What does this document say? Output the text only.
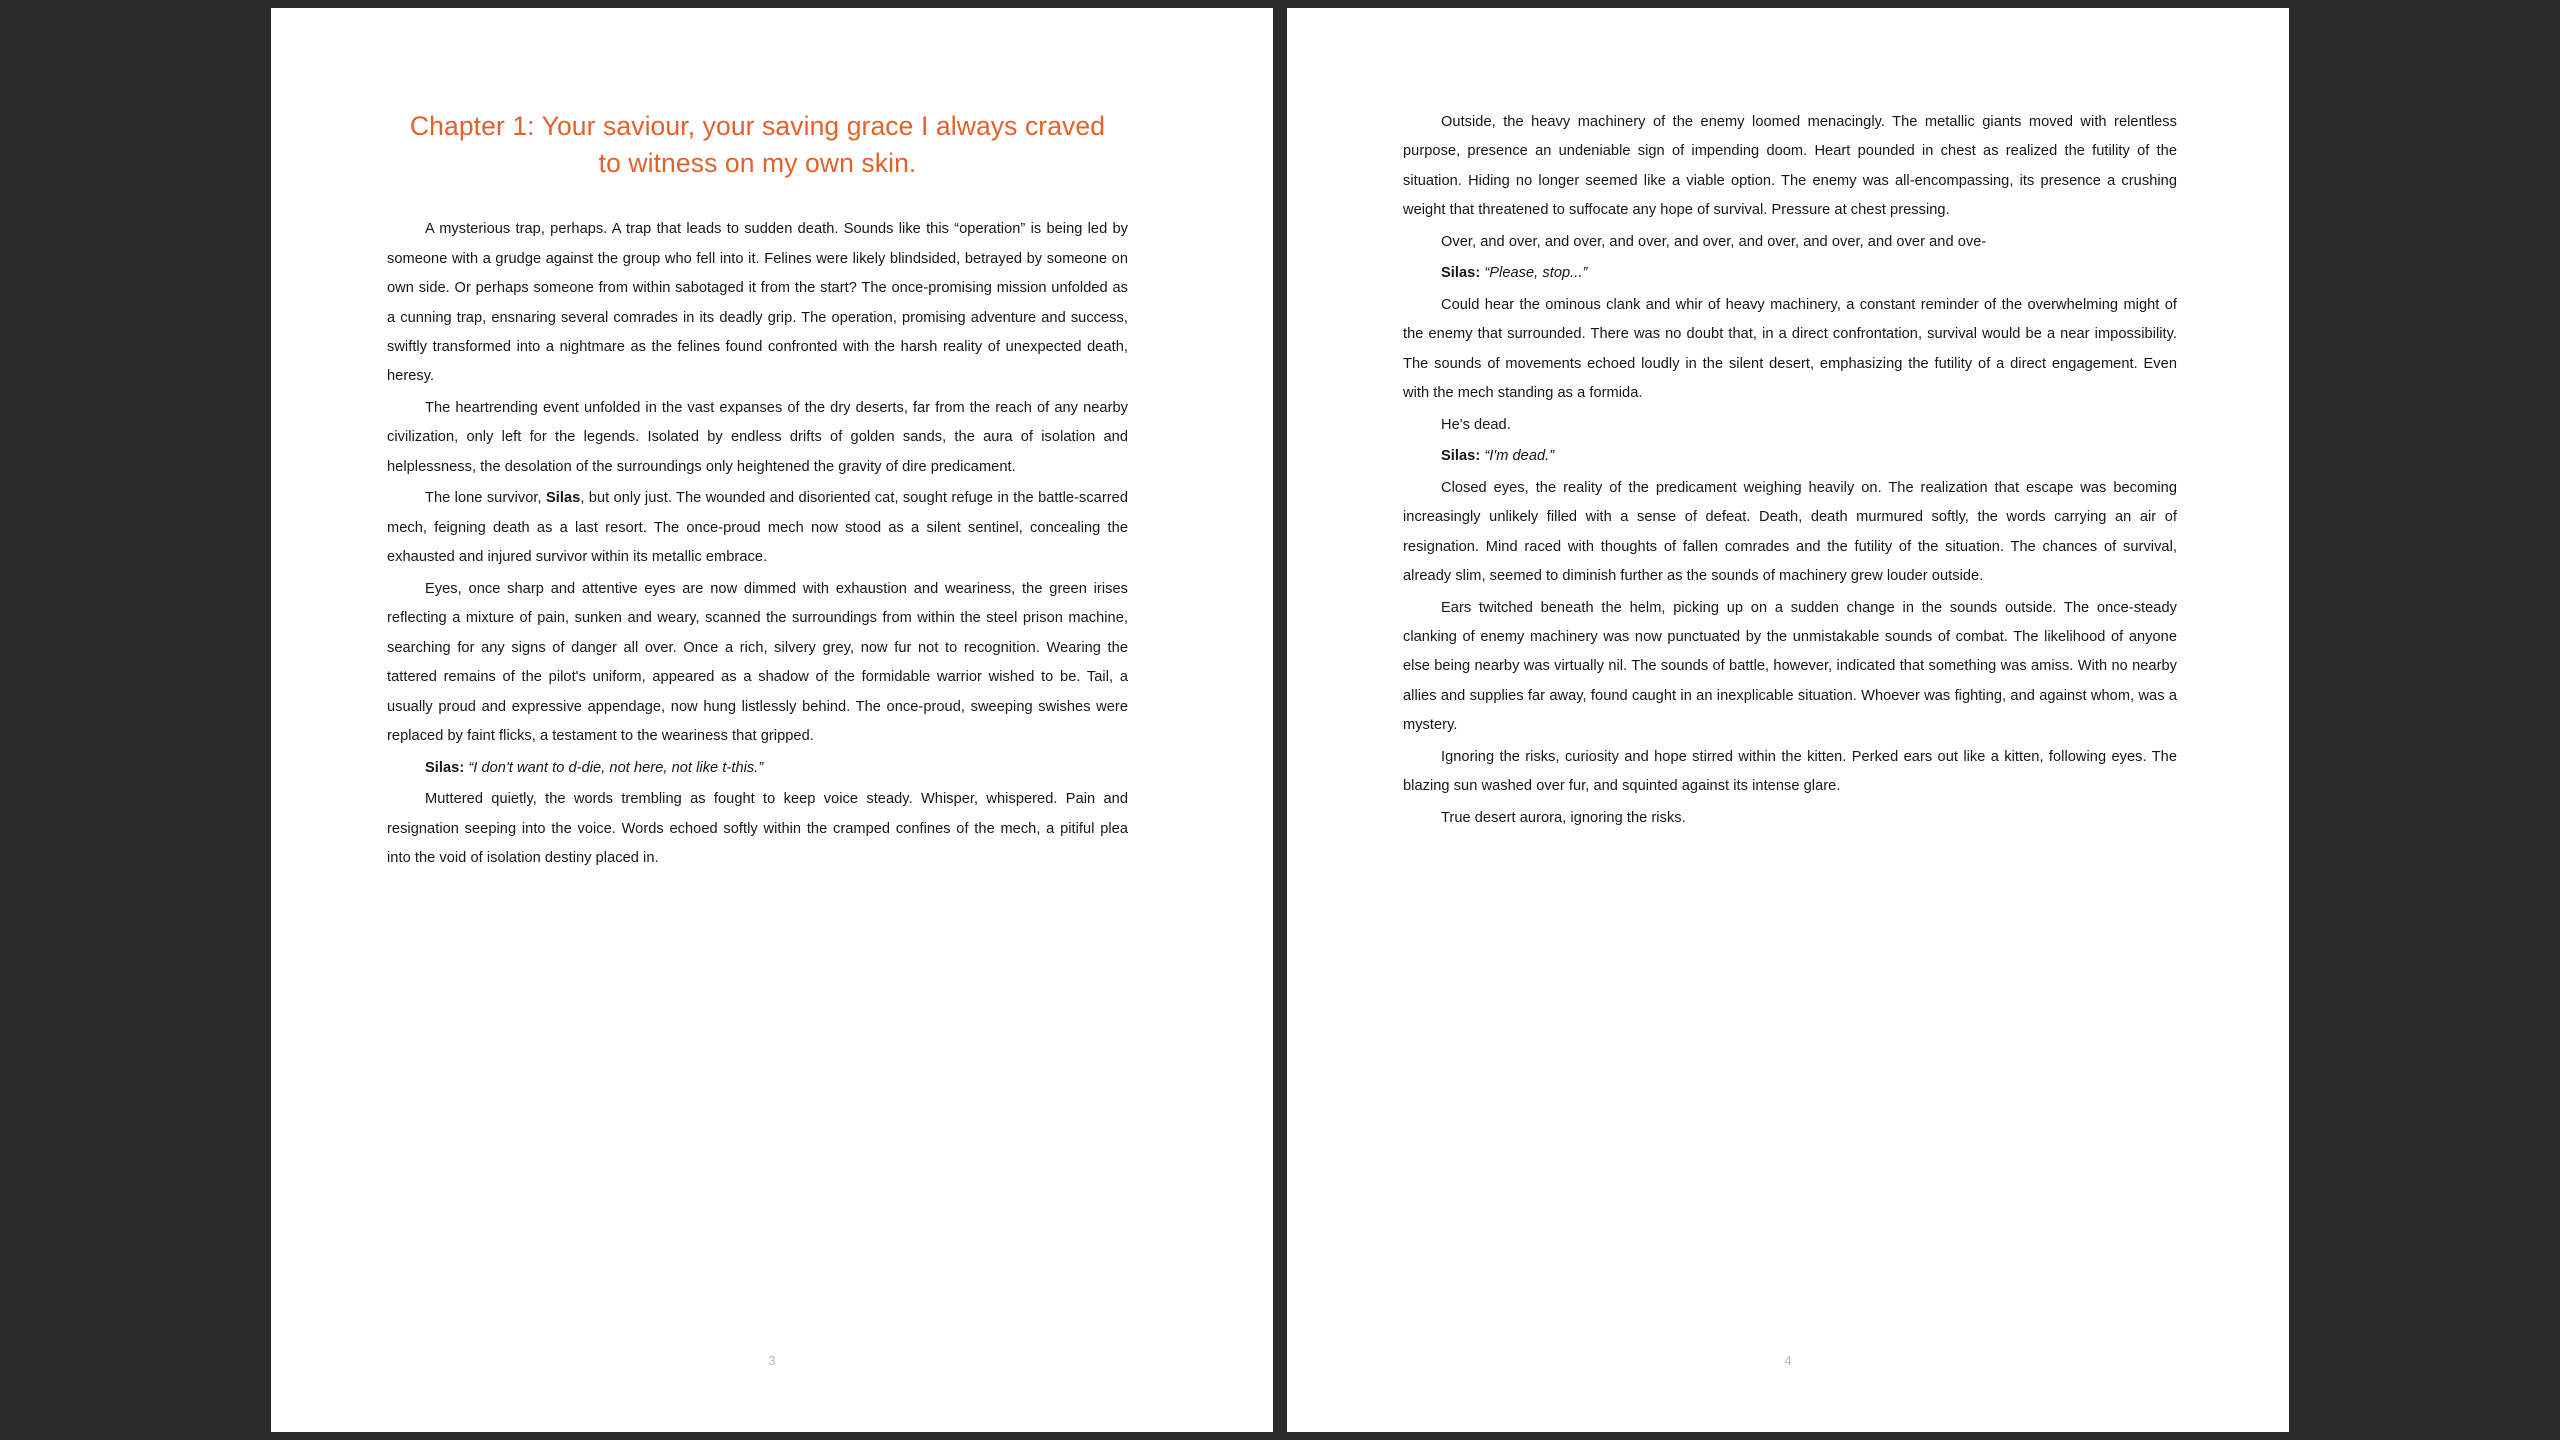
Chapter 1: Your saviour, your saving grace I always craved to witness on my own skin.

A mysterious trap, perhaps. A trap that leads to sudden death. Sounds like this “operation” is being led by someone with a grudge against the group who fell into it. Felines were likely blindsided, betrayed by someone on own side. Or perhaps someone from within sabotaged it from the start? The once-promising mission unfolded as a cunning trap, ensnaring several comrades in its deadly grip. The operation, promising adventure and success, swiftly transformed into a nightmare as the felines found confronted with the harsh reality of unexpected death, heresy.

The heartrending event unfolded in the vast expanses of the dry deserts, far from the reach of any nearby civilization, only left for the legends. Isolated by endless drifts of golden sands, the aura of isolation and helplessness, the desolation of the surroundings only heightened the gravity of dire predicament.

The lone survivor, Silas, but only just. The wounded and disoriented cat, sought refuge in the battle-scarred mech, feigning death as a last resort. The once-proud mech now stood as a silent sentinel, concealing the exhausted and injured survivor within its metallic embrace.

Eyes, once sharp and attentive eyes are now dimmed with exhaustion and weariness, the green irises reflecting a mixture of pain, sunken and weary, scanned the surroundings from within the steel prison machine, searching for any signs of danger all over. Once a rich, silvery grey, now fur not to recognition. Wearing the tattered remains of the pilot's uniform, appeared as a shadow of the formidable warrior wished to be. Tail, a usually proud and expressive appendage, now hung listlessly behind. The once-proud, sweeping swishes were replaced by faint flicks, a testament to the weariness that gripped.

Silas: “I don't want to d-die, not here, not like t-this.”

Muttered quietly, the words trembling as fought to keep voice steady. Whisper, whispered. Pain and resignation seeping into the voice. Words echoed softly within the cramped confines of the mech, a pitiful plea into the void of isolation destiny placed in.

3

Outside, the heavy machinery of the enemy loomed menacingly. The metallic giants moved with relentless purpose, presence an undeniable sign of impending doom. Heart pounded in chest as realized the futility of the situation. Hiding no longer seemed like a viable option. The enemy was all-encompassing, its presence a crushing weight that threatened to suffocate any hope of survival. Pressure at chest pressing.

Over, and over, and over, and over, and over, and over, and over, and over and ove-

Silas: “Please, stop...”

Could hear the ominous clank and whir of heavy machinery, a constant reminder of the overwhelming might of the enemy that surrounded. There was no doubt that, in a direct confrontation, survival would be a near impossibility. The sounds of movements echoed loudly in the silent desert, emphasizing the futility of a direct engagement. Even with the mech standing as a formida.

He's dead.

Silas: “I'm dead.”

Closed eyes, the reality of the predicament weighing heavily on. The realization that escape was becoming increasingly unlikely filled with a sense of defeat. Death, death murmured softly, the words carrying an air of resignation. Mind raced with thoughts of fallen comrades and the futility of the situation. The chances of survival, already slim, seemed to diminish further as the sounds of machinery grew louder outside.

Ears twitched beneath the helm, picking up on a sudden change in the sounds outside. The once-steady clanking of enemy machinery was now punctuated by the unmistakable sounds of combat. The likelihood of anyone else being nearby was virtually nil. The sounds of battle, however, indicated that something was amiss. With no nearby allies and supplies far away, found caught in an inexplicable situation. Whoever was fighting, and against whom, was a mystery.

Ignoring the risks, curiosity and hope stirred within the kitten. Perked ears out like a kitten, following eyes. The blazing sun washed over fur, and squinted against its intense glare.

True desert aurora, ignoring the risks.

4
